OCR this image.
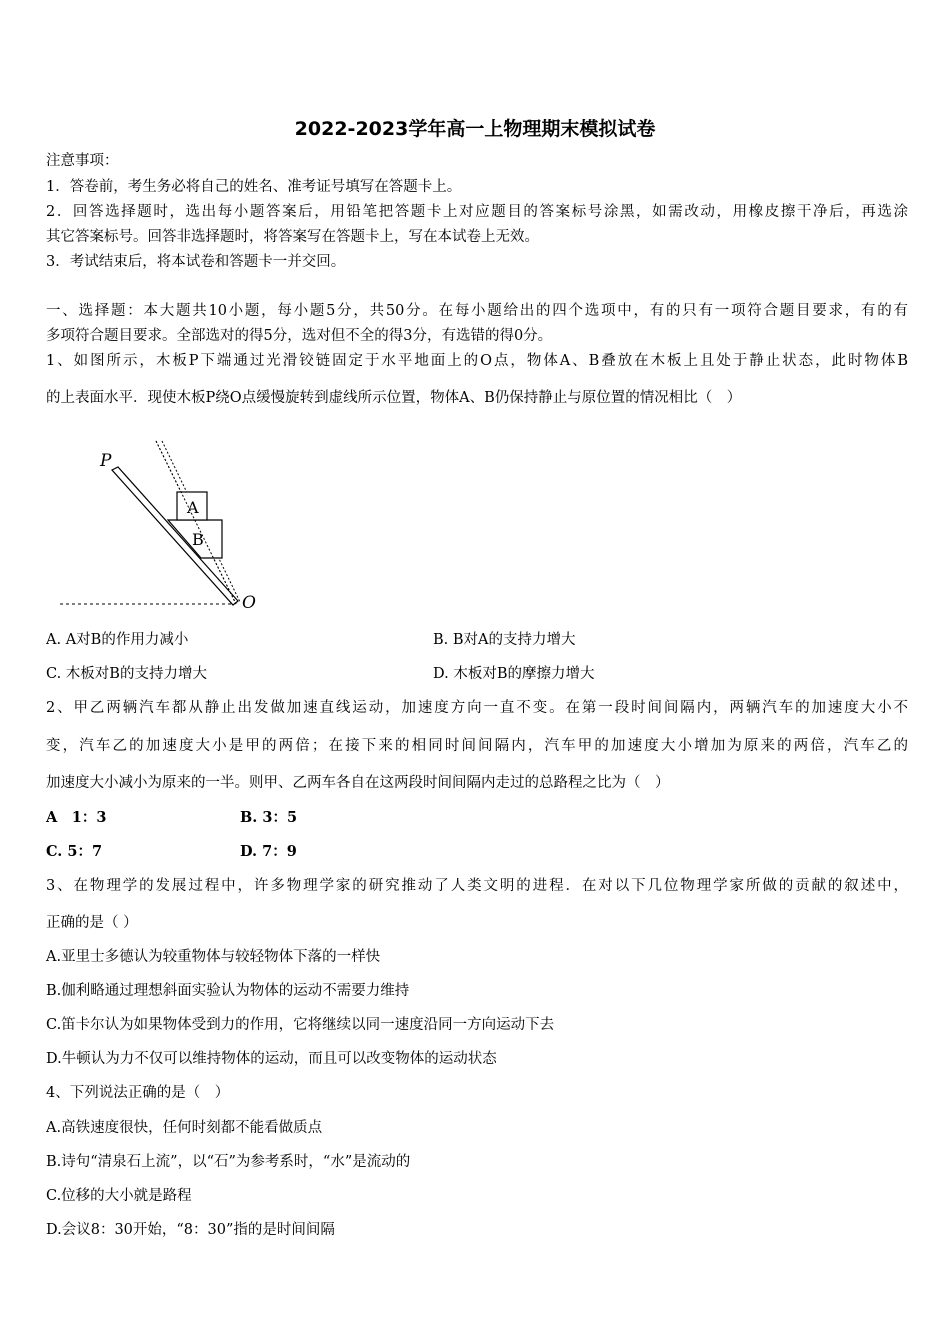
2022-2023学年高一上物理期末模拟试卷
注意事项：
1．答卷前，考生务必将自己的姓名、准考证号填写在答题卡上。
2．回答选择题时，选出每小题答案后，用铅笔把答题卡上对应题目的答案标号涂黑，如需改动，用橡皮擦干净后，再选涂
其它答案标号。回答非选择题时，将答案写在答题卡上，写在本试卷上无效。
3．考试结束后，将本试卷和答题卡一并交回。
一、选择题：本大题共10小题，每小题5分，共50分。在每小题给出的四个选项中，有的只有一项符合题目要求，有的有
多项符合题目要求。全部选对的得5分，选对但不全的得3分，有选错的得0分。
1、如图所示，木板P下端通过光滑铰链固定于水平地面上的O点，物体A、B叠放在木板上且处于静止状态，此时物体B
的上表面水平．现使木板P绕O点缓慢旋转到虚线所示位置，物体A、B仍保持静止与原位置的情况相比（　）
P
A
B
O
A. A对B的作用力减小	B. B对A的支持力增大
C. 木板对B的支持力增大	D. 木板对B的摩擦力增大
2、甲乙两辆汽车都从静止出发做加速直线运动，加速度方向一直不变。在第一段时间间隔内，两辆汽车的加速度大小不
变，汽车乙的加速度大小是甲的两倍；在接下来的相同时间间隔内，汽车甲的加速度大小增加为原来的两倍，汽车乙的
加速度大小减小为原来的一半。则甲、乙两车各自在这两段时间间隔内走过的总路程之比为（　）
A　1：3	B. 3：5
C. 5：7	D. 7：9
3、在物理学的发展过程中，许多物理学家的研究推动了人类文明的进程．在对以下几位物理学家所做的贡献的叙述中，
正确的是（ ）
A.亚里士多德认为较重物体与较轻物体下落的一样快
B.伽利略通过理想斜面实验认为物体的运动不需要力维持
C.笛卡尔认为如果物体受到力的作用，它将继续以同一速度沿同一方向运动下去
D.牛顿认为力不仅可以维持物体的运动，而且可以改变物体的运动状态
4、下列说法正确的是（　）
A.高铁速度很快，任何时刻都不能看做质点
B.诗句“清泉石上流”，以“石”为参考系时，“水”是流动的
C.位移的大小就是路程
D.会议8：30开始，“8：30”指的是时间间隔
